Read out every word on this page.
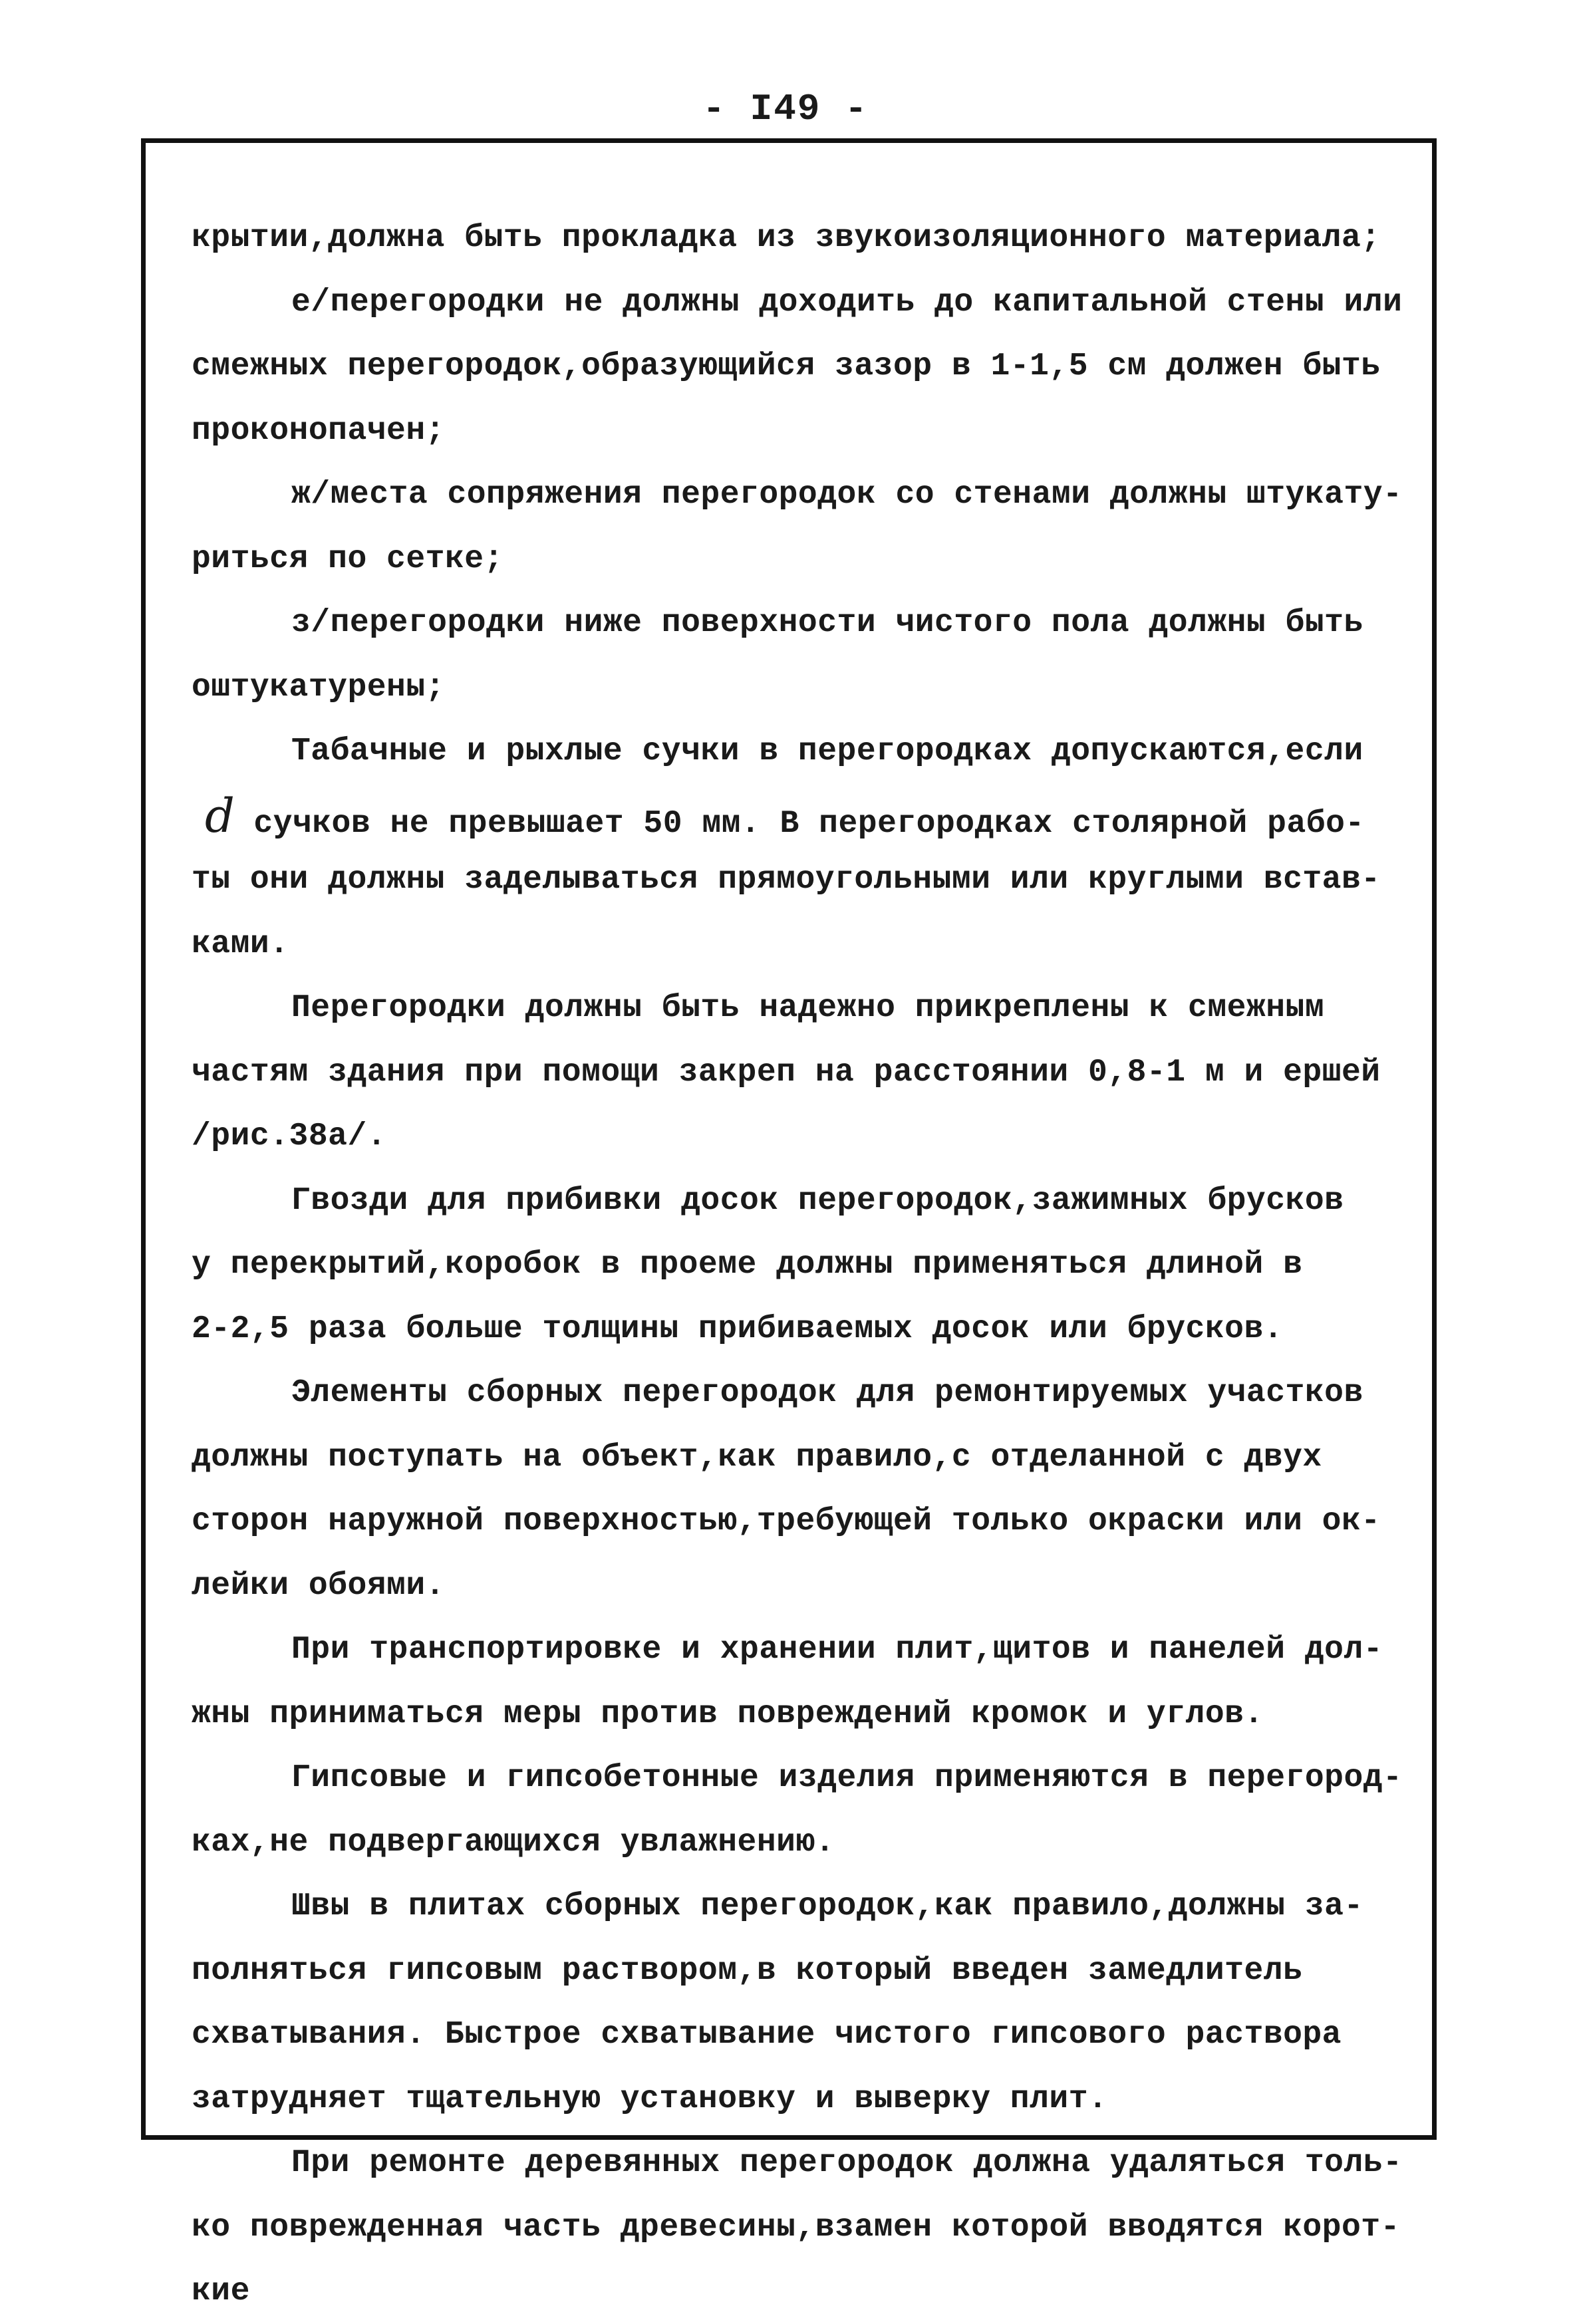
- I49 -
крытии,должна быть прокладка из звукоизоляционного материала;
е/перегородки не должны доходить до капитальной стены или
смежных перегородок,образующийся зазор в 1-1,5 см должен быть
проконопачен;
ж/места сопряжения перегородок со стенами должны штукату-
риться по сетке;
з/перегородки ниже поверхности чистого пола должны быть
оштукатурены;
Табачные и рыхлые сучки в перегородках допускаются,если
d сучков не превышает 50 мм. В перегородках столярной рабо-
ты они должны заделываться прямоугольными или круглыми встав-
ками.
Перегородки должны быть надежно прикреплены к смежным
частям здания при помощи закреп на расстоянии 0,8-1 м и ершей
/рис.38а/.
Гвозди для прибивки досок перегородок,зажимных брусков
у перекрытий,коробок в проеме должны применяться длиной в
2-2,5 раза больше толщины прибиваемых досок или брусков.
Элементы сборных перегородок для ремонтируемых участков
должны поступать на объект,как правило,с отделанной с двух
сторон наружной поверхностью,требующей только окраски или ок-
лейки обоями.
При транспортировке и хранении плит,щитов и панелей дол-
жны приниматься меры против повреждений кромок и углов.
Гипсовые и гипсобетонные изделия применяются в перегород-
ках,не подвергающихся увлажнению.
Швы в плитах сборных перегородок,как правило,должны за-
полняться гипсовым раствором,в который введен замедлитель
схватывания. Быстрое схватывание чистого гипсового раствора
затрудняет тщательную установку и выверку плит.
При ремонте деревянных перегородок должна удаляться толь-
ко поврежденная часть древесины,взамен которой вводятся корот-
кие
